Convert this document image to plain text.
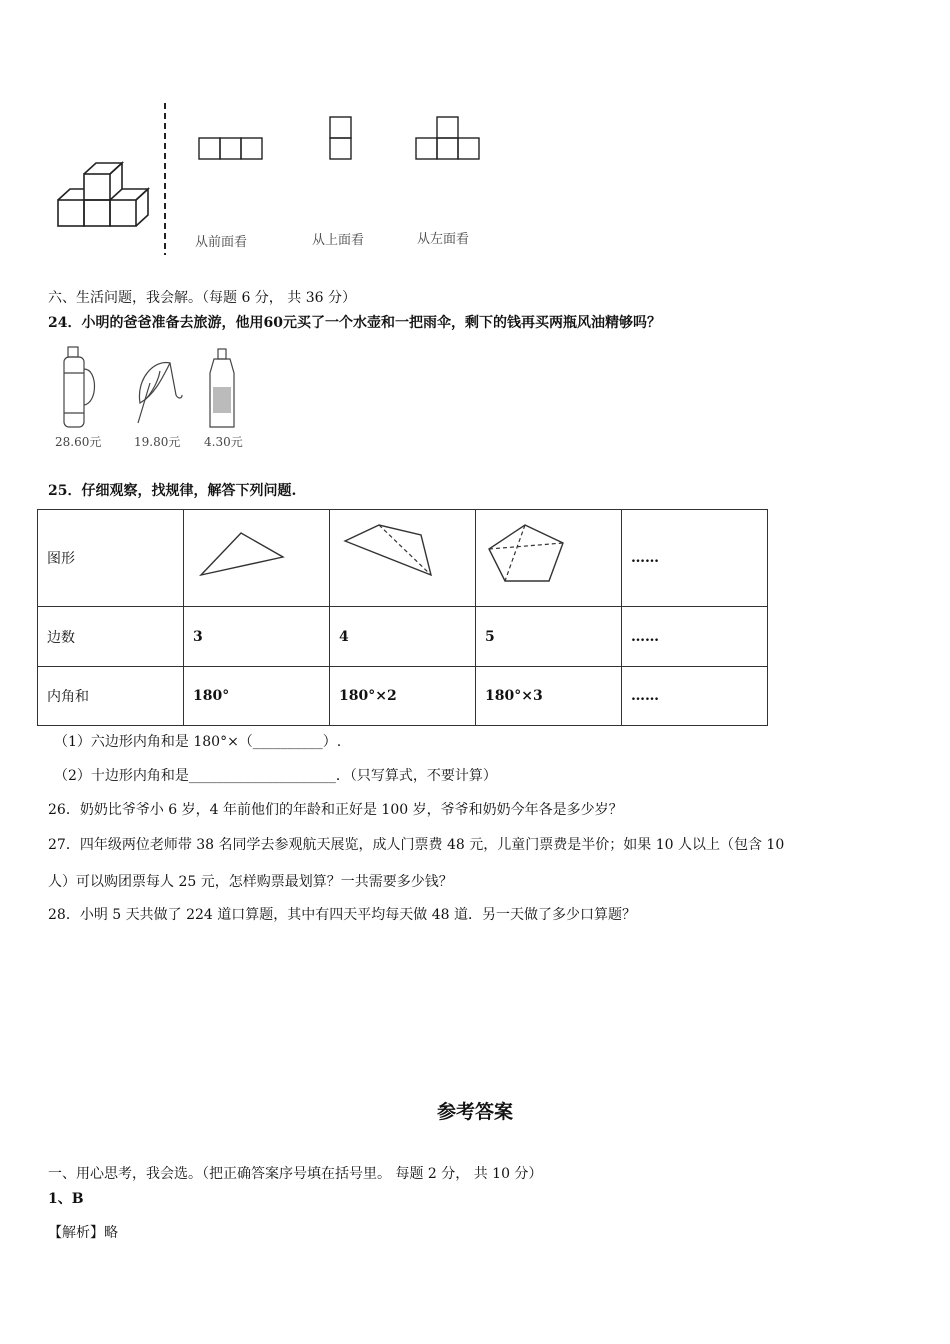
从前面看	从上面看	从左面看
六、生活问题，我会解。（每题 6 分， 共 36 分）
24．小明的爸爸准备去旅游，他用60元买了一个水壶和一把雨伞，剩下的钱再买两瓶风油精够吗？
28.60元	19.80元 4.30元
25．仔细观察，找规律，解答下列问题.
图形				……
边数	3	4	5	……
内角和	180°	180°×2	180°×3	……
（1）六边形内角和是 180°×（__________）.
（2）十边形内角和是_____________________．（只写算式，不要计算）
26．奶奶比爷爷小 6 岁，4 年前他们的年龄和正好是 100 岁，爷爷和奶奶今年各是多少岁？
27．四年级两位老师带 38 名同学去参观航天展览，成人门票费 48 元，儿童门票费是半价；如果 10 人以上（包含 10
人）可以购团票每人 25 元，怎样购票最划算？一共需要多少钱？
28．小明 5 天共做了 224 道口算题，其中有四天平均每天做 48 道．另一天做了多少口算题？
参考答案
一、用心思考，我会选。（把正确答案序号填在括号里。 每题 2 分， 共 10 分）
1、B
【解析】略
